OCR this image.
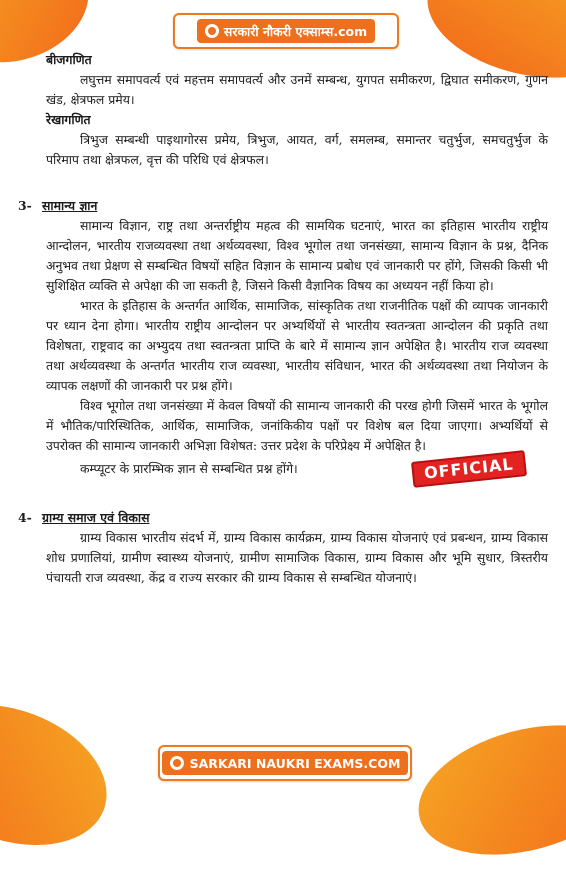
सरकारी नौकरी एक्साम्स.com
बीजगणित
लघुत्तम समापवर्त्य एवं महत्तम समापवर्त्य और उनमें सम्बन्ध, युगपत समीकरण, द्विघात समीकरण, गुणन खंड, क्षेत्रफल प्रमेय।
रेखागणित
त्रिभुज सम्बन्धी पाइथागोरस प्रमेय, त्रिभुज, आयत, वर्ग, समलम्ब, समान्तर चतुर्भुज, समचतुर्भुज के परिमाप तथा क्षेत्रफल, वृत्त की परिधि एवं क्षेत्रफल।
3- सामान्य ज्ञान
सामान्य विज्ञान, राष्ट्र तथा अन्तर्राष्ट्रीय महत्व की सामयिक घटनाएं, भारत का इतिहास भारतीय राष्ट्रीय आन्दोलन, भारतीय राजव्यवस्था तथा अर्थव्यवस्था, विश्व भूगोल तथा जनसंख्या, सामान्य विज्ञान के प्रश्न, दैनिक अनुभव तथा प्रेक्षण से सम्बन्धित विषयों सहित विज्ञान के सामान्य प्रबोध एवं जानकारी पर होंगे, जिसकी किसी भी सुशिक्षित व्यक्ति से अपेक्षा की जा सकती है, जिसने किसी वैज्ञानिक विषय का अध्ययन नहीं किया हो।
भारत के इतिहास के अन्तर्गत आर्थिक, सामाजिक, सांस्कृतिक तथा राजनीतिक पक्षों की व्यापक जानकारी पर ध्यान देना होगा। भारतीय राष्ट्रीय आन्दोलन पर अभ्यर्थियों से भारतीय स्वतन्त्रता आन्दोलन की प्रकृति तथा विशेषता, राष्ट्रवाद का अभ्युदय तथा स्वतन्त्रता प्राप्ति के बारे में सामान्य ज्ञान अपेक्षित है। भारतीय राज व्यवस्था तथा अर्थव्यवस्था के अन्तर्गत भारतीय राज व्यवस्था, भारतीय संविधान, भारत की अर्थव्यवस्था तथा नियोजन के व्यापक लक्षणों की जानकारी पर प्रश्न होंगे।
विश्व भूगोल तथा जनसंख्या में केवल विषयों की सामान्य जानकारी की परख होगी जिसमें भारत के भूगोल में भौतिक/पारिस्थितिक, आर्थिक, सामाजिक, जनांकिकीय पक्षों पर विशेष बल दिया जाएगा। अभ्यर्थियों से उपरोक्त की सामान्य जानकारी अभिज्ञा विशेषत: उत्तर प्रदेश के परिप्रेक्ष्य में अपेक्षित है।
कम्प्यूटर के प्रारम्भिक ज्ञान से सम्बन्धित प्रश्न होंगे।	OFFICIAL
4- ग्राम्य समाज एवं विकास
ग्राम्य विकास भारतीय संदर्भ में, ग्राम्य विकास कार्यक्रम, ग्राम्य विकास योजनाएं एवं प्रबन्धन, ग्राम्य विकास शोध प्रणालियां, ग्रामीण स्वास्थ्य योजनाएं, ग्रामीण सामाजिक विकास, ग्राम्य विकास और भूमि सुधार, त्रिस्तरीय पंचायती राज व्यवस्था, केंद्र व राज्य सरकार की ग्राम्य विकास से सम्बन्धित योजनाएं।
SARKARI NAUKRI EXAMS.COM
